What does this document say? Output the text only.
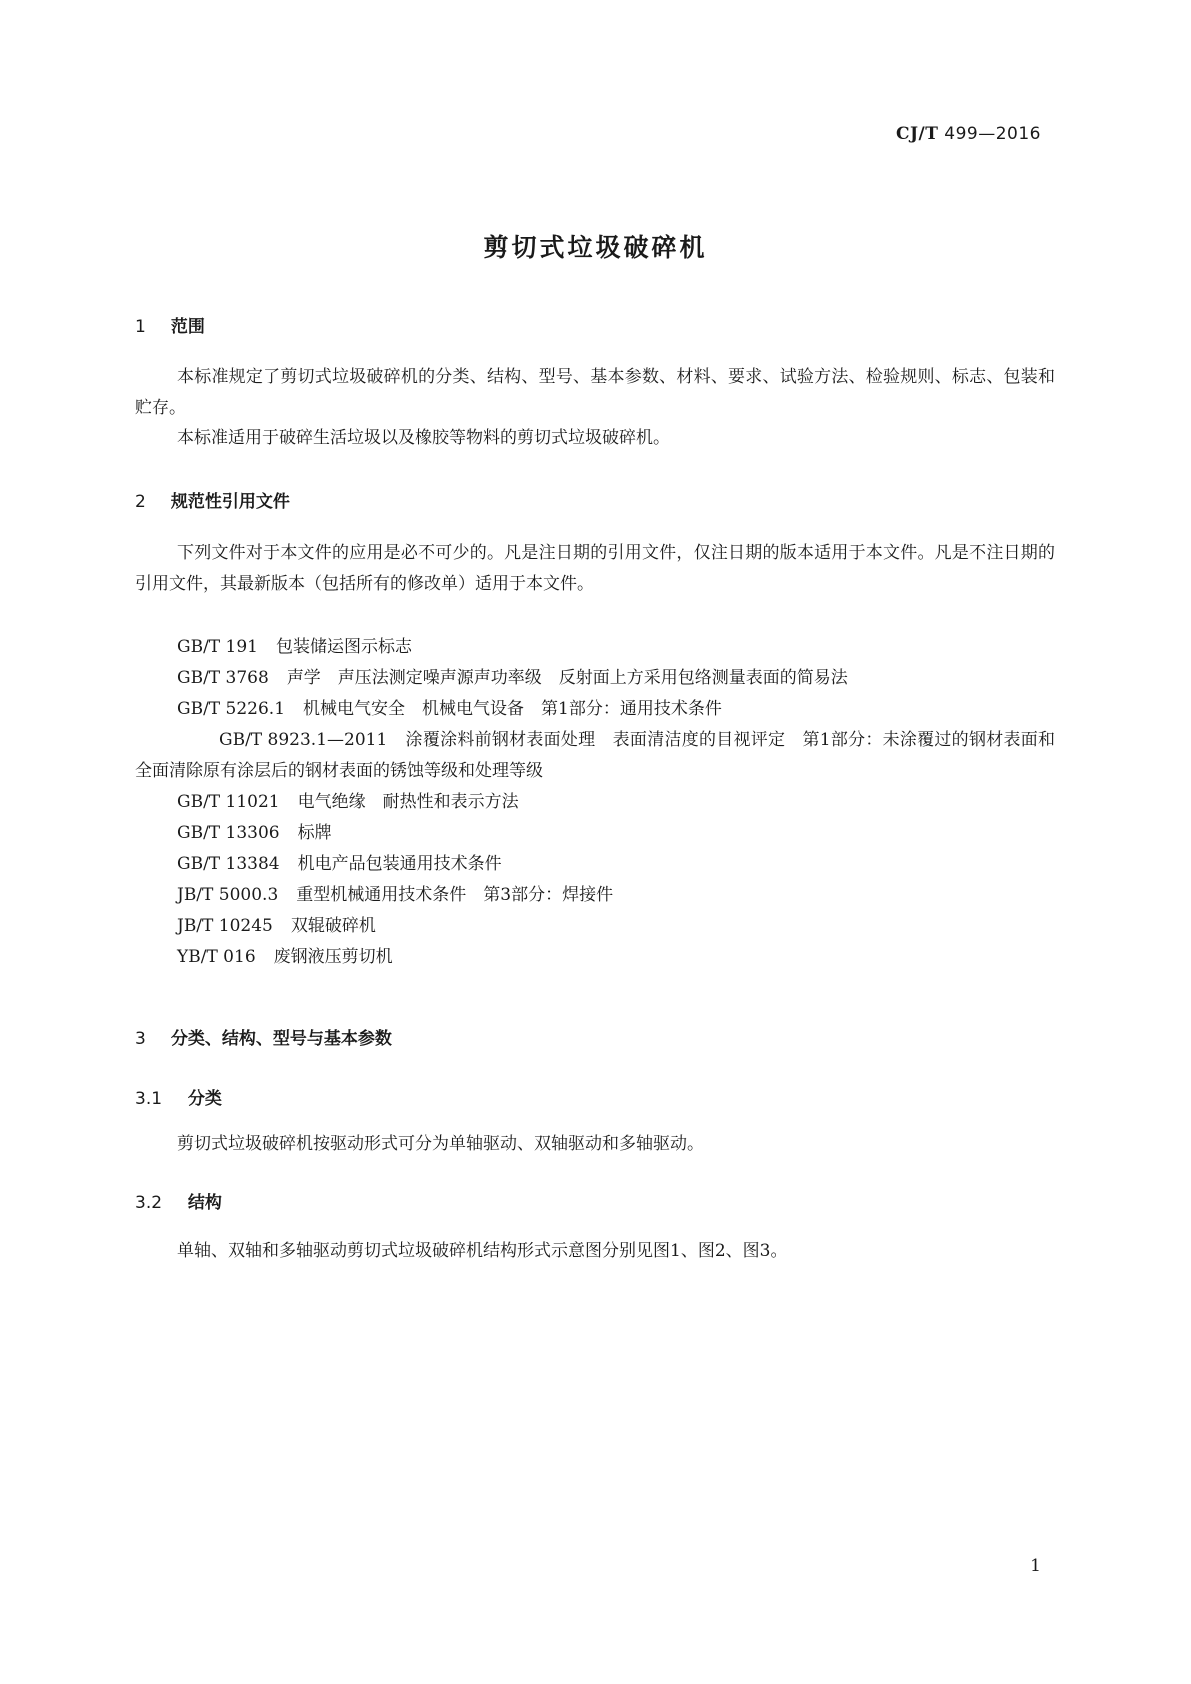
CJ/T 499—2016
剪切式垃圾破碎机
1 范围
本标准规定了剪切式垃圾破碎机的分类、结构、型号、基本参数、材料、要求、试验方法、检验规则、标志、包装和贮存。
本标准适用于破碎生活垃圾以及橡胶等物料的剪切式垃圾破碎机。
2 规范性引用文件
下列文件对于本文件的应用是必不可少的。凡是注日期的引用文件，仅注日期的版本适用于本文件。凡是不注日期的引用文件，其最新版本（包括所有的修改单）适用于本文件。
GB/T 191 包装储运图示标志
GB/T 3768 声学　声压法测定噪声源声功率级　反射面上方采用包络测量表面的简易法
GB/T 5226.1 机械电气安全　机械电气设备　第1部分：通用技术条件
GB/T 8923.1—2011 涂覆涂料前钢材表面处理　表面清洁度的目视评定　第1部分：未涂覆过的钢材表面和全面清除原有涂层后的钢材表面的锈蚀等级和处理等级
GB/T 11021 电气绝缘　耐热性和表示方法
GB/T 13306 标牌
GB/T 13384 机电产品包装通用技术条件
JB/T 5000.3 重型机械通用技术条件　第3部分：焊接件
JB/T 10245 双辊破碎机
YB/T 016 废钢液压剪切机
3 分类、结构、型号与基本参数
3.1 分类
剪切式垃圾破碎机按驱动形式可分为单轴驱动、双轴驱动和多轴驱动。
3.2 结构
单轴、双轴和多轴驱动剪切式垃圾破碎机结构形式示意图分别见图1、图2、图3。
1
